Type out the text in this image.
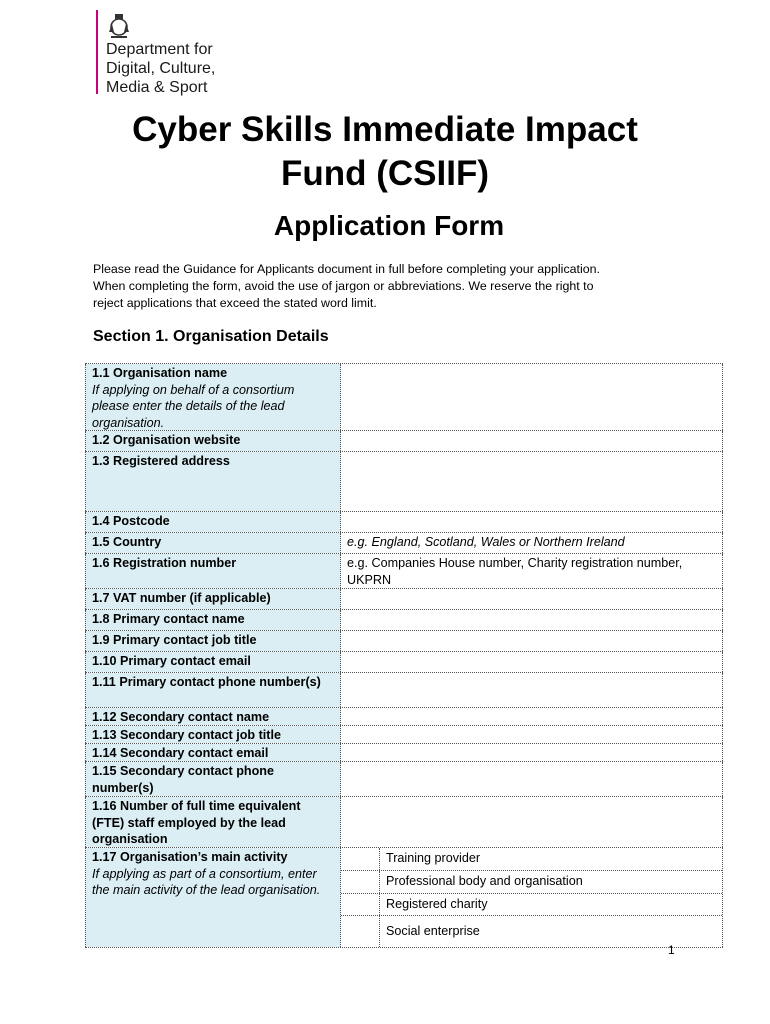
Department for
Digital, Culture,
Media & Sport
Cyber Skills Immediate Impact
Fund (CSIIF)
Application Form
Please read the Guidance for Applicants document in full before completing your application.
When completing the form, avoid the use of jargon or abbreviations. We reserve the right to
reject applications that exceed the stated word limit.
Section 1. Organisation Details
1.1 Organisation name
If applying on behalf of a consortium please enter the details of the lead organisation.
1.2 Organisation website
1.3 Registered address
1.4 Postcode
1.5 Country	e.g. England, Scotland, Wales or Northern Ireland
1.6 Registration number	e.g. Companies House number, Charity registration number, UKPRN
1.7 VAT number (if applicable)
1.8 Primary contact name
1.9 Primary contact job title
1.10 Primary contact email
1.11 Primary contact phone number(s)
1.12 Secondary contact name
1.13 Secondary contact job title
1.14 Secondary contact email
1.15 Secondary contact phone number(s)
1.16 Number of full time equivalent (FTE) staff employed by the lead organisation
1.17 Organisation’s main activity
If applying as part of a consortium, enter the main activity of the lead organisation.
Training provider
Professional body and organisation
Registered charity
Social enterprise
1
